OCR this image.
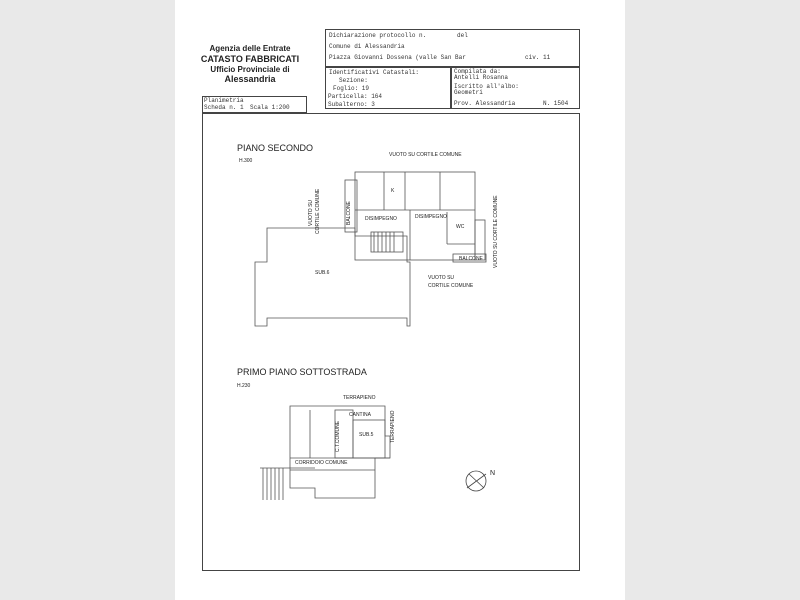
Agenzia delle Entrate
CATASTO FABBRICATI
Ufficio Provinciale di
Alessandria
Dichiarazione protocollo n.	del
Comune di Alessandria
Piazza Giovanni Dossena (valle San Bar	civ. 11
Identificativi Catastali:
Sezione:
Foglio: 19
Particella: 164
Subalterno: 3
Compilata da:
Antelli Rosanna
Iscritto all'albo:
Geometri
Prov. Alessandria	N. 1504
Planimetria
Scheda n. 1 Scala 1:200
PIANO SECONDO
H.300
VUOTO SU CORTILE COMUNE
VUOTO SU CORTILE COMUNE	VUOTO SU CORTILE COMUNE
BALCONE
K
DISIMPEGNO	DISIMPEGNO
WC
BALCONE
SUB.6
VUOTO SU
CORTILE COMUNE
PRIMO PIANO SOTTOSTRADA
H.230
TERRAPIENO
TERRAPIENO
CANTINA
C.T.COMUNE	SUB.5
CORRIDOIO COMUNE
N
